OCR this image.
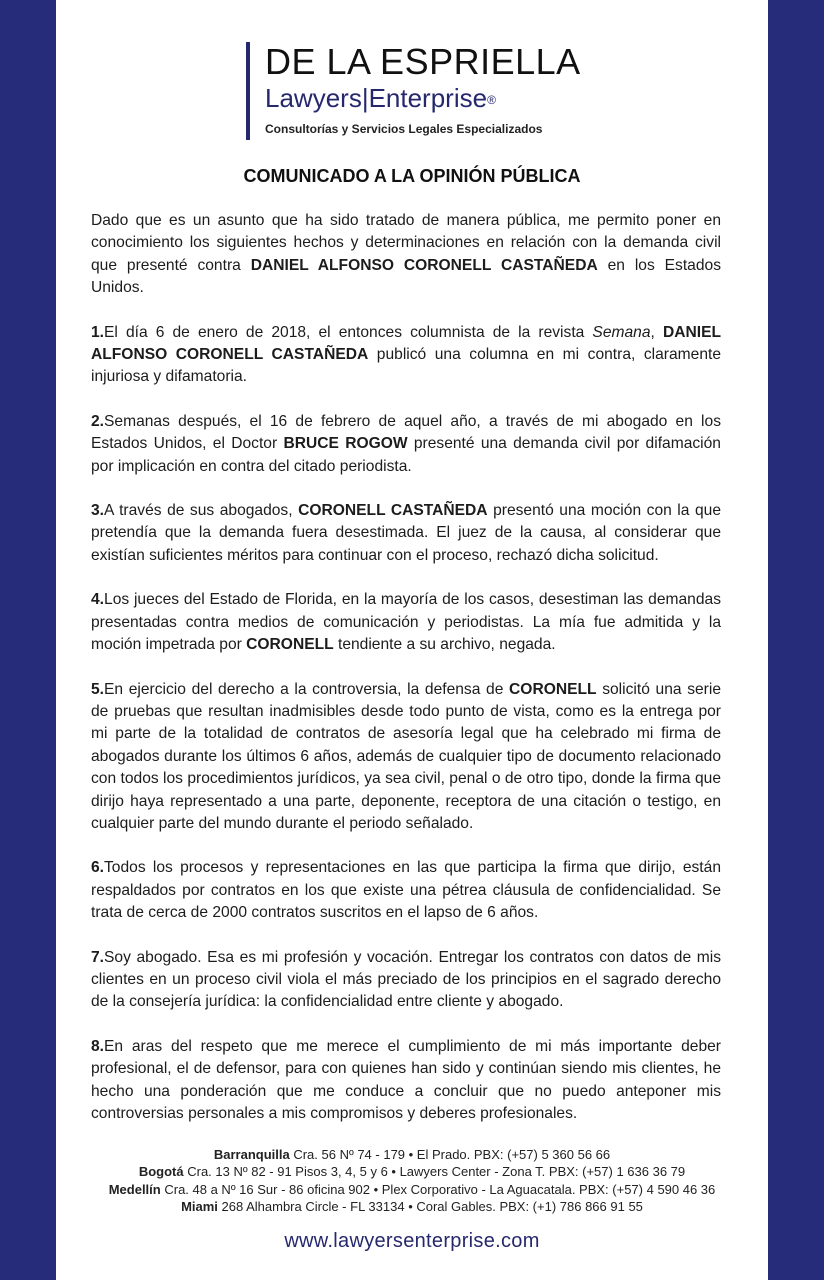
DE LA ESPRIELLA
Lawyers|Enterprise®
Consultorías y Servicios Legales Especializados
COMUNICADO A LA OPINIÓN PÚBLICA

Dado que es un asunto que ha sido tratado de manera pública, me permito poner en conocimiento los siguientes hechos y determinaciones en relación con la demanda civil que presenté contra DANIEL ALFONSO CORONELL CASTAÑEDA en los Estados Unidos.

1.El día 6 de enero de 2018, el entonces columnista de la revista Semana, DANIEL ALFONSO CORONELL CASTAÑEDA publicó una columna en mi contra, claramente injuriosa y difamatoria.

2.Semanas después, el 16 de febrero de aquel año, a través de mi abogado en los Estados Unidos, el Doctor BRUCE ROGOW presenté una demanda civil por difamación por implicación en contra del citado periodista.

3.A través de sus abogados, CORONELL CASTAÑEDA presentó una moción con la que pretendía que la demanda fuera desestimada. El juez de la causa, al considerar que existían suficientes méritos para continuar con el proceso, rechazó dicha solicitud.

4.Los jueces del Estado de Florida, en la mayoría de los casos, desestiman las demandas presentadas contra medios de comunicación y periodistas. La mía fue admitida y la moción impetrada por CORONELL tendiente a su archivo, negada.

5.En ejercicio del derecho a la controversia, la defensa de CORONELL solicitó una serie de pruebas que resultan inadmisibles desde todo punto de vista, como es la entrega por mi parte de la totalidad de contratos de asesoría legal que ha celebrado mi firma de abogados durante los últimos 6 años, además de cualquier tipo de documento relacionado con todos los procedimientos jurídicos, ya sea civil, penal o de otro tipo, donde la firma que dirijo haya representado a una parte, deponente, receptora de una citación o testigo, en cualquier parte del mundo durante el periodo señalado.

6.Todos los procesos y representaciones en las que participa la firma que dirijo, están respaldados por contratos en los que existe una pétrea cláusula de confidencialidad. Se trata de cerca de 2000 contratos suscritos en el lapso de 6 años.

7.Soy abogado. Esa es mi profesión y vocación. Entregar los contratos con datos de mis clientes en un proceso civil viola el más preciado de los principios en el sagrado derecho de la consejería jurídica: la confidencialidad entre cliente y abogado.

8.En aras del respeto que me merece el cumplimiento de mi más importante deber profesional, el de defensor, para con quienes han sido y continúan siendo mis clientes, he hecho una ponderación que me conduce a concluir que no puedo anteponer mis controversias personales a mis compromisos y deberes profesionales.

Barranquilla Cra. 56 Nº 74 - 179 • El Prado. PBX: (+57) 5 360 56 66
Bogotá Cra. 13 Nº 82 - 91 Pisos 3, 4, 5 y 6 • Lawyers Center - Zona T. PBX: (+57) 1 636 36 79
Medellín Cra. 48 a Nº 16 Sur - 86 oficina 902 • Plex Corporativo - La Aguacatala. PBX: (+57) 4 590 46 36
Miami 268 Alhambra Circle - FL 33134 • Coral Gables. PBX: (+1) 786 866 91 55
www.lawyersenterprise.com
